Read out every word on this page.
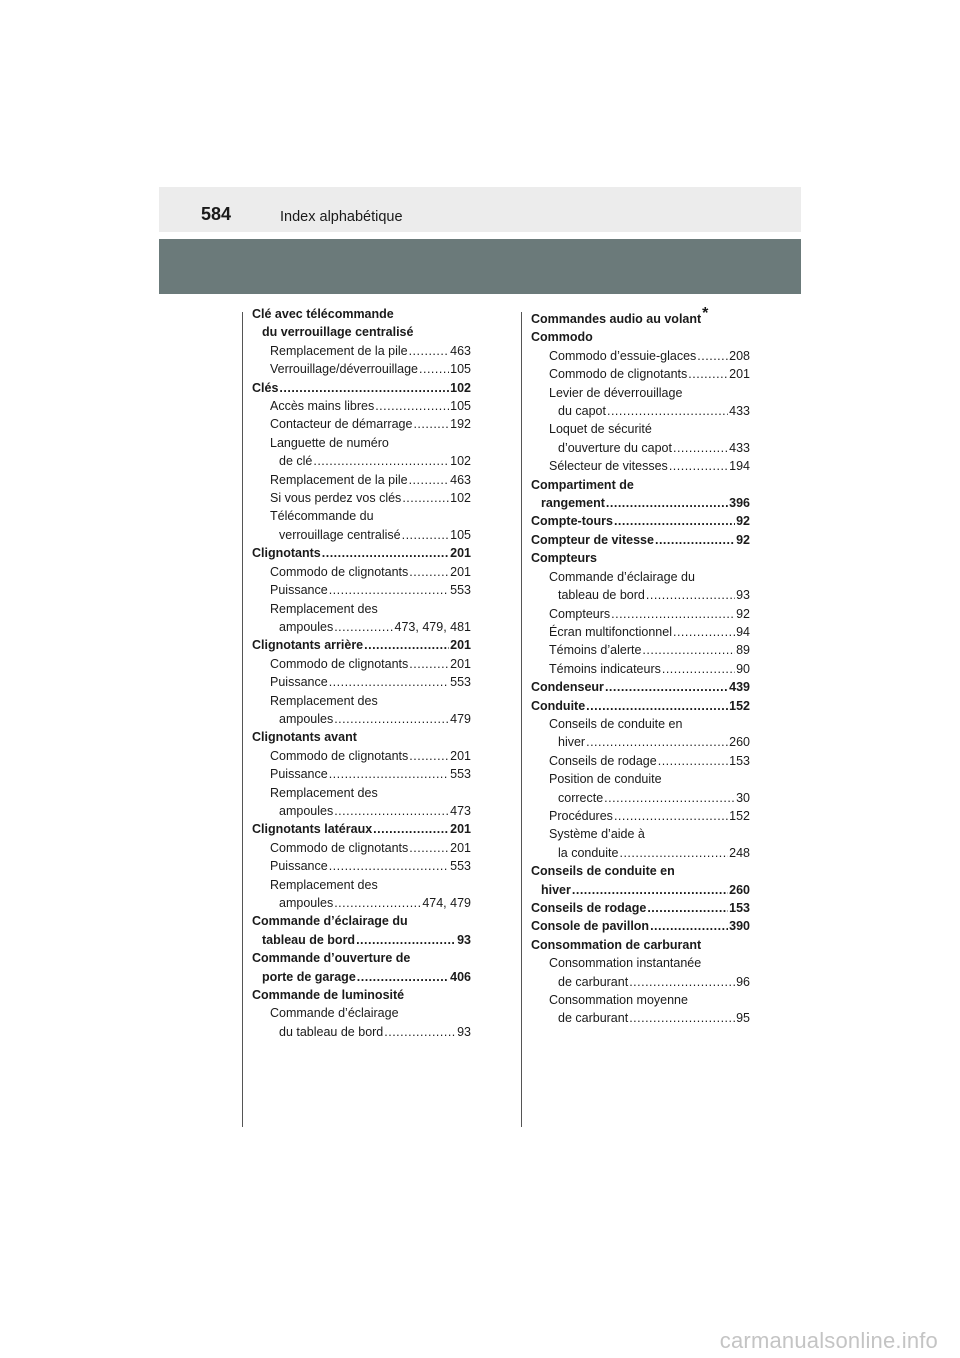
584	Index alphabétique
Clé avec télécommande
du verrouillage centralisé
Remplacement de la pile .....	463
Verrouillage/déverrouillage .....	105
Clés .....	102
Accès mains libres .....	105
Contacteur de démarrage .....	192
Languette de numéro
de clé .....	102
Remplacement de la pile .....	463
Si vous perdez vos clés .....	102
Télécommande du
verrouillage centralisé .....	105
Clignotants .....	201
Commodo de clignotants .....	201
Puissance .....	553
Remplacement des
ampoules .....	473, 479, 481
Clignotants arrière .....	201
Commodo de clignotants .....	201
Puissance .....	553
Remplacement des
ampoules .....	479
Clignotants avant
Commodo de clignotants .....	201
Puissance .....	553
Remplacement des
ampoules .....	473
Clignotants latéraux .....	201
Commodo de clignotants .....	201
Puissance .....	553
Remplacement des
ampoules .....	474, 479
Commande d’éclairage du
tableau de bord .....	93
Commande d’ouverture de
porte de garage .....	406
Commande de luminosité
Commande d’éclairage
du tableau de bord .....	93
Commandes audio au volant*
Commodo
Commodo d’essuie-glaces .....	208
Commodo de clignotants .....	201
Levier de déverrouillage
du capot .....	433
Loquet de sécurité
d’ouverture du capot .....	433
Sélecteur de vitesses .....	194
Compartiment de
rangement .....	396
Compte-tours .....	92
Compteur de vitesse .....	92
Compteurs
Commande d’éclairage du
tableau de bord .....	93
Compteurs .....	92
Écran multifonctionnel .....	94
Témoins d’alerte .....	89
Témoins indicateurs .....	90
Condenseur .....	439
Conduite .....	152
Conseils de conduite en
hiver .....	260
Conseils de rodage .....	153
Position de conduite
correcte .....	30
Procédures .....	152
Système d’aide à
la conduite .....	248
Conseils de conduite en
hiver .....	260
Conseils de rodage .....	153
Console de pavillon .....	390
Consommation de carburant
Consommation instantanée
de carburant .....	96
Consommation moyenne
de carburant .....	95
carmanualsonline.info
